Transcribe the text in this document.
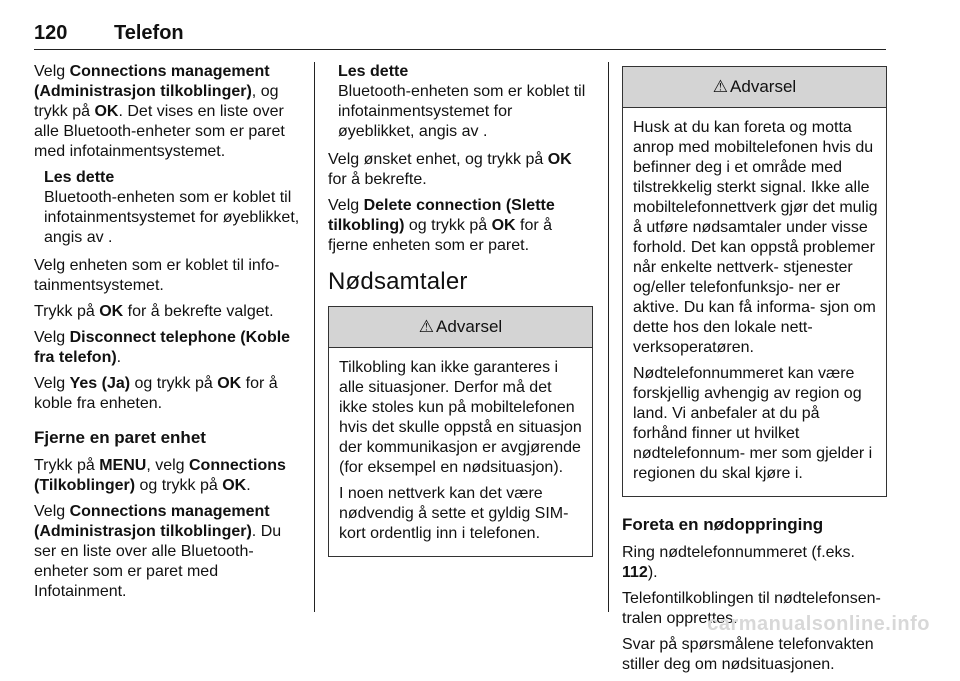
120 Telefon

Velg Connections management (Administrasjon tilkoblinger), og trykk på OK. Det vises en liste over alle Bluetooth-enheter som er paret med infotainmentsystemet.

Les dette
Bluetooth-enheten som er koblet til infotainmentsystemet for øyeblikket, angis av .

Velg enheten som er koblet til info- tainmentsystemet.

Trykk på OK for å bekrefte valget.

Velg Disconnect telephone (Koble fra telefon).

Velg Yes (Ja) og trykk på OK for å koble fra enheten.

Fjerne en paret enhet

Trykk på MENU, velg Connections (Tilkoblinger) og trykk på OK.

Velg Connections management (Administrasjon tilkoblinger). Du ser en liste over alle Bluetooth-enheter som er paret med Infotainment.

Les dette
Bluetooth-enheten som er koblet til infotainmentsystemet for øyeblikket, angis av .

Velg ønsket enhet, og trykk på OK for å bekrefte.

Velg Delete connection (Slette tilkobling) og trykk på OK for å fjerne enheten som er paret.

Nødsamtaler
⚠ Advarsel

Tilkobling kan ikke garanteres i alle situasjoner. Derfor må det ikke stoles kun på mobiltelefonen hvis det skulle oppstå en situasjon der kommunikasjon er avgjørende (for eksempel en nødsituasjon).

I noen nettverk kan det være nødvendig å sette et gyldig SIM-kort ordentlig inn i telefonen.

⚠ Advarsel

Husk at du kan foreta og motta anrop med mobiltelefonen hvis du befinner deg i et område med tilstrekkelig sterkt signal. Ikke alle mobiltelefonnettverk gjør det mulig å utføre nødsamtaler under visse forhold. Det kan oppstå problemer når enkelte nettverk- stjenester og/eller telefonfunksjo- ner er aktive. Du kan få informa- sjon om dette hos den lokale nett- verksoperatøren.

Nødtelefonnummeret kan være forskjellig avhengig av region og land. Vi anbefaler at du på forhånd finner ut hvilket nødtelefonnum- mer som gjelder i regionen du skal kjøre i.

Foreta en nødoppringing

Ring nødtelefonnummeret (f.eks. 112).

Telefontilkoblingen til nødtelefonsen- tralen opprettes.

Svar på spørsmålene telefonvakten stiller deg om nødsituasjonen.

carmanualsonline.info
